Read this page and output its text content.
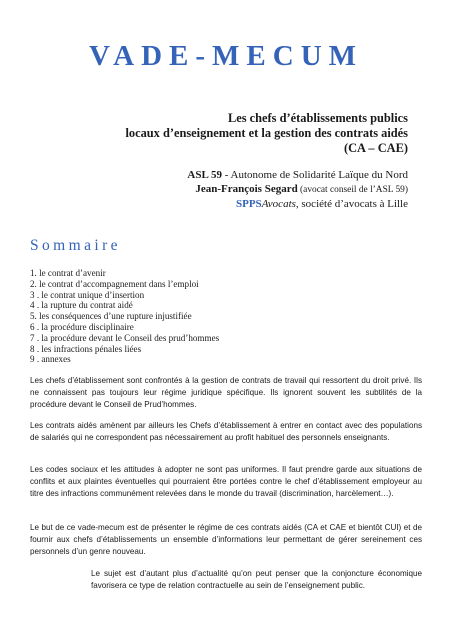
VADE-MECUM
Les chefs d’établissements publics
locaux d’enseignement et la gestion des contrats aidés
(CA – CAE)
ASL 59 - Autonome de Solidarité Laïque du Nord
Jean-François Segard (avocat conseil de l’ASL 59)
SPPSAvocats, société d’avocats à Lille
Sommaire
1. le contrat d’avenir
2. le contrat d’accompagnement dans l’emploi
3 . le contrat unique d’insertion
4 . la rupture du contrat aidé
5. les conséquences d’une rupture injustifiée
6 . la procédure disciplinaire
7 . la procédure devant le Conseil des prud’hommes
8 . les infractions pénales liées
9 . annexes

Les chefs d’établissement sont confrontés à la gestion de contrats de travail qui ressortent du droit privé. Ils ne connaissent pas toujours leur régime juridique spécifique. Ils ignorent souvent les subtilités de la procédure devant le Conseil de Prud’hommes.

Les contrats aidés amènent par ailleurs les Chefs d’établissement à entrer en contact avec des populations de salariés qui ne correspondent pas nécessairement au profit habituel des personnels enseignants.

Les codes sociaux et les attitudes à adopter ne sont pas uniformes. Il faut prendre garde aux situations de conflits et aux plaintes éventuelles qui pourraient être portées contre le chef d’établissement employeur au titre des infractions communément relevées dans le monde du travail (discrimination, harcèlement…).

Le but de ce vade-mecum est de présenter le régime de ces contrats aidés (CA et CAE et bientôt CUI) et de fournir aux chefs d’établissements un ensemble d’informations leur permettant de gérer sereinement ces personnels d’un genre nouveau.

Le sujet est d’autant plus d’actualité qu’on peut penser que la conjoncture économique favorisera ce type de relation contractuelle au sein de l’enseignement public.
